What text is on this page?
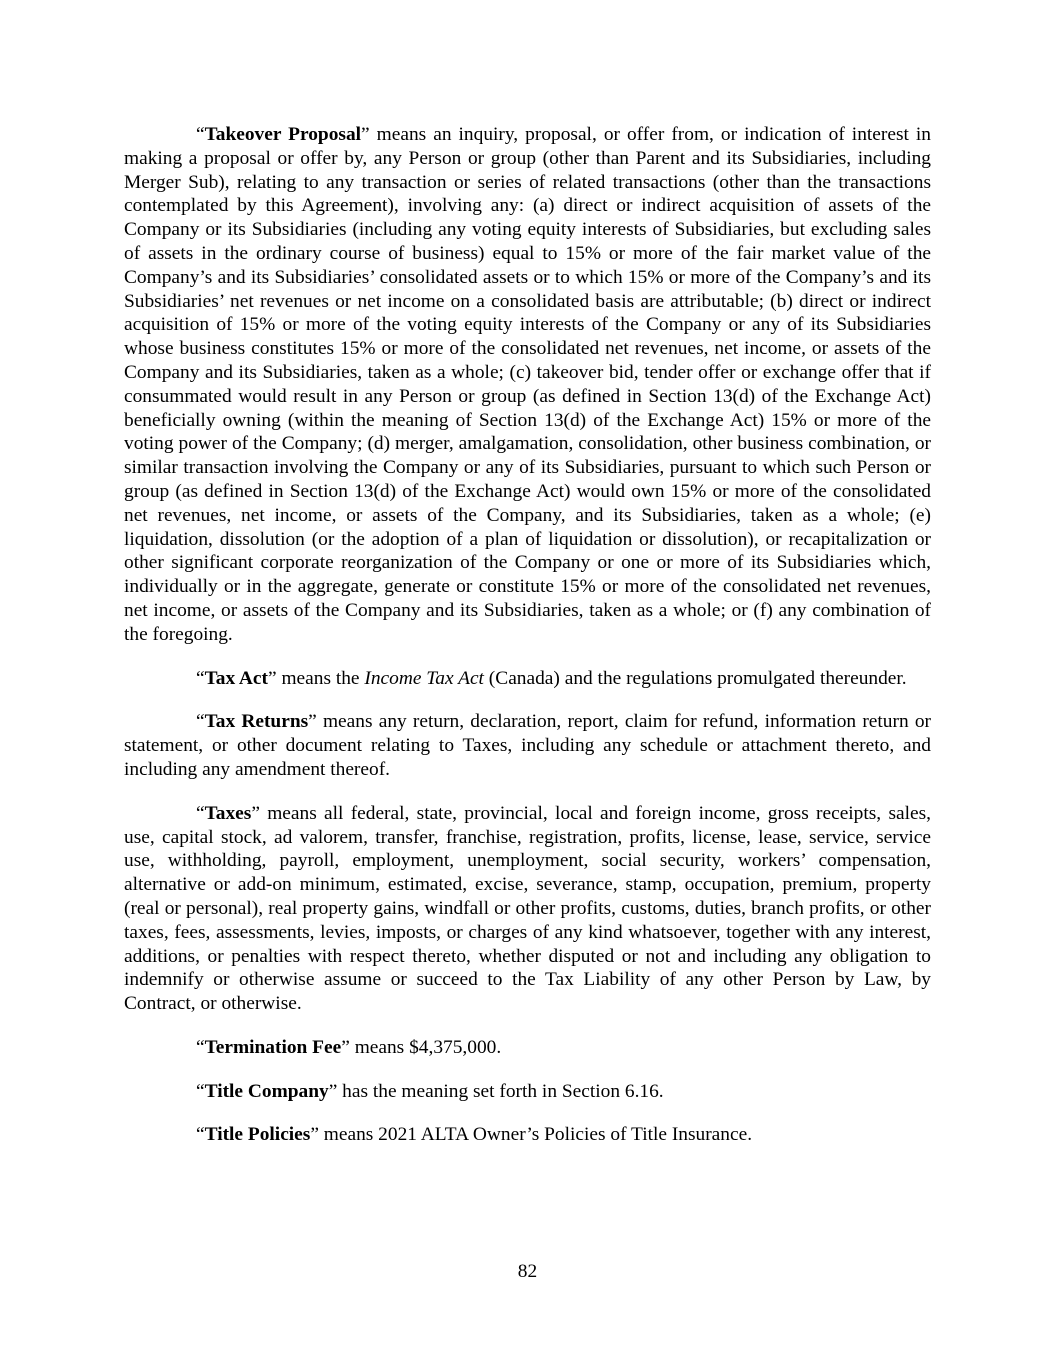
“Takeover Proposal” means an inquiry, proposal, or offer from, or indication of interest in making a proposal or offer by, any Person or group (other than Parent and its Subsidiaries, including Merger Sub), relating to any transaction or series of related transactions (other than the transactions contemplated by this Agreement), involving any: (a) direct or indirect acquisition of assets of the Company or its Subsidiaries (including any voting equity interests of Subsidiaries, but excluding sales of assets in the ordinary course of business) equal to 15% or more of the fair market value of the Company’s and its Subsidiaries’ consolidated assets or to which 15% or more of the Company’s and its Subsidiaries’ net revenues or net income on a consolidated basis are attributable; (b) direct or indirect acquisition of 15% or more of the voting equity interests of the Company or any of its Subsidiaries whose business constitutes 15% or more of the consolidated net revenues, net income, or assets of the Company and its Subsidiaries, taken as a whole; (c) takeover bid, tender offer or exchange offer that if consummated would result in any Person or group (as defined in Section 13(d) of the Exchange Act) beneficially owning (within the meaning of Section 13(d) of the Exchange Act) 15% or more of the voting power of the Company; (d) merger, amalgamation, consolidation, other business combination, or similar transaction involving the Company or any of its Subsidiaries, pursuant to which such Person or group (as defined in Section 13(d) of the Exchange Act) would own 15% or more of the consolidated net revenues, net income, or assets of the Company, and its Subsidiaries, taken as a whole; (e) liquidation, dissolution (or the adoption of a plan of liquidation or dissolution), or recapitalization or other significant corporate reorganization of the Company or one or more of its Subsidiaries which, individually or in the aggregate, generate or constitute 15% or more of the consolidated net revenues, net income, or assets of the Company and its Subsidiaries, taken as a whole; or (f) any combination of the foregoing.

“Tax Act” means the Income Tax Act (Canada) and the regulations promulgated thereunder.

“Tax Returns” means any return, declaration, report, claim for refund, information return or statement, or other document relating to Taxes, including any schedule or attachment thereto, and including any amendment thereof.

“Taxes” means all federal, state, provincial, local and foreign income, gross receipts, sales, use, capital stock, ad valorem, transfer, franchise, registration, profits, license, lease, service, service use, withholding, payroll, employment, unemployment, social security, workers’ compensation, alternative or add-on minimum, estimated, excise, severance, stamp, occupation, premium, property (real or personal), real property gains, windfall or other profits, customs, duties, branch profits, or other taxes, fees, assessments, levies, imposts, or charges of any kind whatsoever, together with any interest, additions, or penalties with respect thereto, whether disputed or not and including any obligation to indemnify or otherwise assume or succeed to the Tax Liability of any other Person by Law, by Contract, or otherwise.

“Termination Fee” means $4,375,000.

“Title Company” has the meaning set forth in Section 6.16.

“Title Policies” means 2021 ALTA Owner’s Policies of Title Insurance.

82
